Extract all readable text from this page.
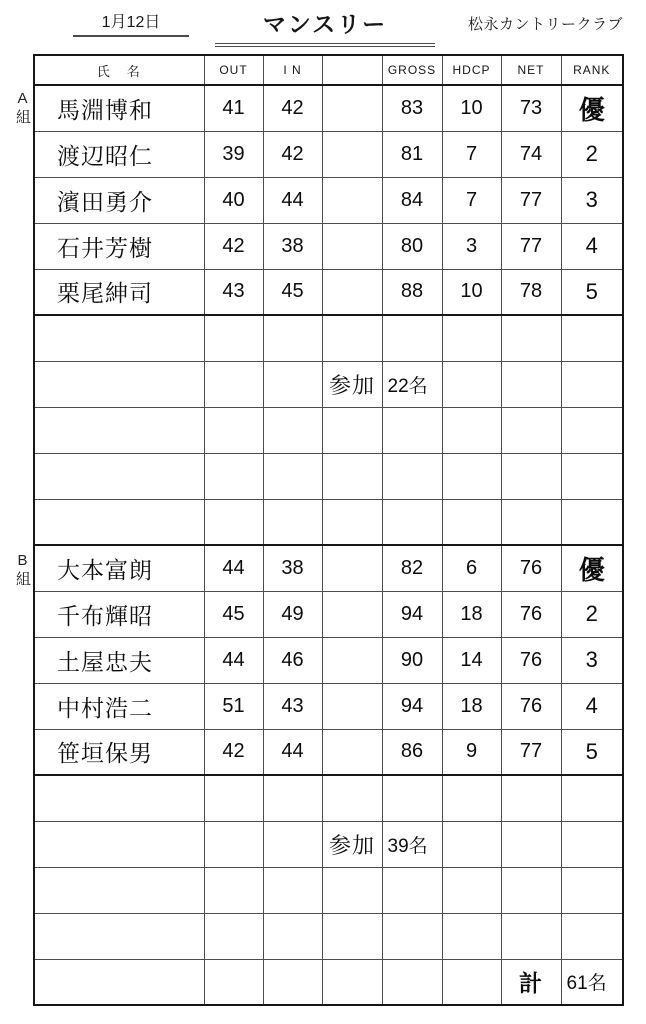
1月12日	マンスリー	松永カントリークラブ
A組
B組
氏　名	OUT	I N		GROSS	HDCP	NET	RANK
馬淵博和	41	42		83	10	73	優
渡辺昭仁	39	42		81	7	74	2
濱田勇介	40	44		84	7	77	3
石井芳樹	42	38		80	3	77	4
栗尾紳司	43	45		88	10	78	5

			参加	22名			

大本富朗	44	38		82	6	76	優
千布輝昭	45	49		94	18	76	2
土屋忠夫	44	46		90	14	76	3
中村浩二	51	43		94	18	76	4
笹垣保男	42	44		86	9	77	5

			参加	39名			

						計	61名
